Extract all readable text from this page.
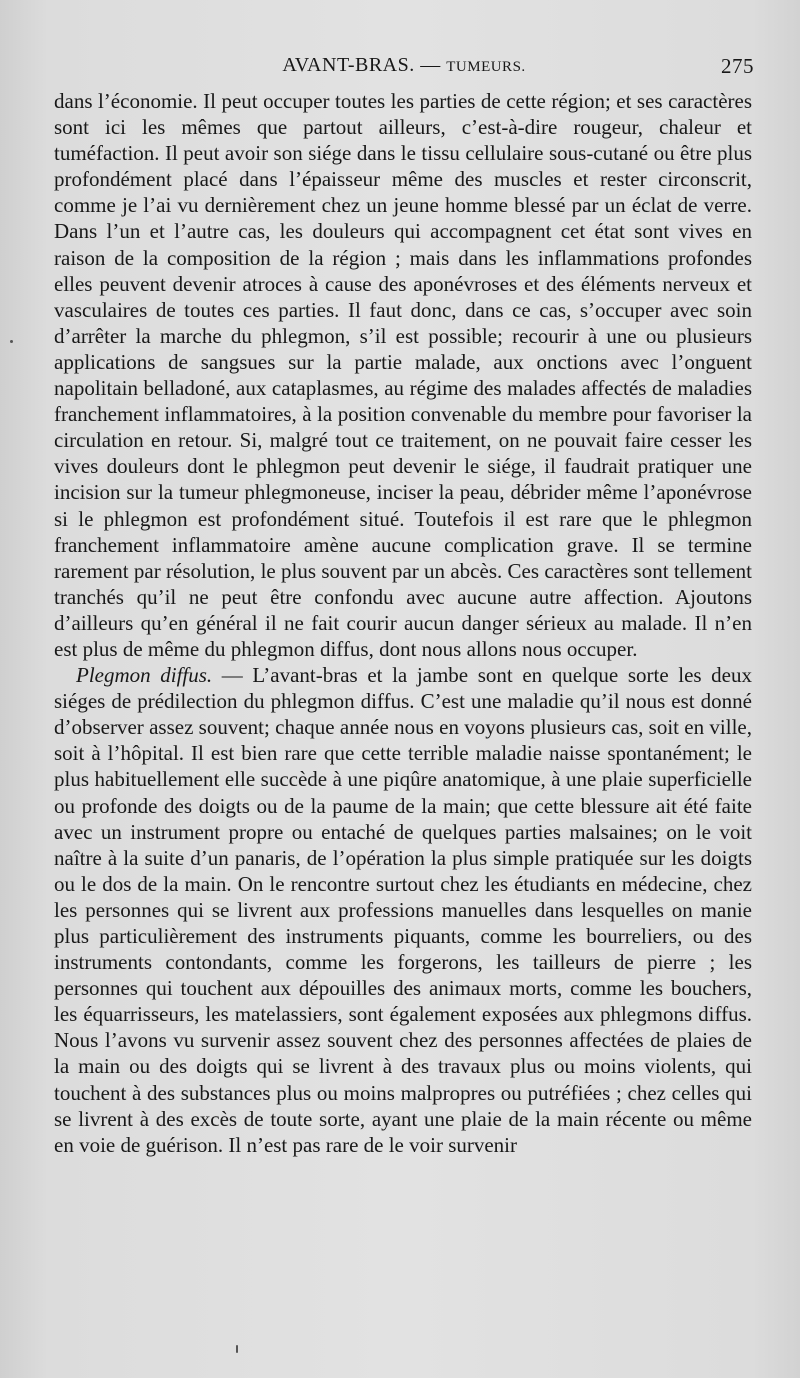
AVANT-BRAS. — TUMEURS.	275

dans l’économie. Il peut occuper toutes les parties de cette région; et ses caractères sont ici les mêmes que partout ailleurs, c’est-à-dire rougeur, chaleur et tuméfaction. Il peut avoir son siége dans le tissu cellulaire sous-cutané ou être plus profondément placé dans l’épaisseur même des muscles et rester circonscrit, comme je l’ai vu dernièrement chez un jeune homme blessé par un éclat de verre. Dans l’un et l’autre cas, les douleurs qui accompagnent cet état sont vives en raison de la composition de la région ; mais dans les inflammations profondes elles peuvent devenir atroces à cause des aponévroses et des éléments nerveux et vasculaires de toutes ces parties. Il faut donc, dans ce cas, s’occuper avec soin d’arrêter la marche du phlegmon, s’il est possible; recourir à une ou plusieurs applications de sangsues sur la partie malade, aux onctions avec l’onguent napolitain belladoné, aux cataplasmes, au régime des malades affectés de maladies franchement inflammatoires, à la position convenable du membre pour favoriser la circulation en retour. Si, malgré tout ce traitement, on ne pouvait faire cesser les vives douleurs dont le phlegmon peut devenir le siége, il faudrait pratiquer une incision sur la tumeur phlegmoneuse, inciser la peau, débrider même l’aponévrose si le phlegmon est profondément situé. Toutefois il est rare que le phlegmon franchement inflammatoire amène aucune complication grave. Il se termine rarement par résolution, le plus souvent par un abcès. Ces caractères sont tellement tranchés qu’il ne peut être confondu avec aucune autre affection. Ajoutons d’ailleurs qu’en général il ne fait courir aucun danger sérieux au malade. Il n’en est plus de même du phlegmon diffus, dont nous allons nous occuper.

Plegmon diffus. — L’avant-bras et la jambe sont en quelque sorte les deux siéges de prédilection du phlegmon diffus. C’est une maladie qu’il nous est donné d’observer assez souvent; chaque année nous en voyons plusieurs cas, soit en ville, soit à l’hôpital. Il est bien rare que cette terrible maladie naisse spontanément; le plus habituellement elle succède à une piqûre anatomique, à une plaie superficielle ou profonde des doigts ou de la paume de la main; que cette blessure ait été faite avec un instrument propre ou entaché de quelques parties malsaines; on le voit naître à la suite d’un panaris, de l’opération la plus simple pratiquée sur les doigts ou le dos de la main. On le rencontre surtout chez les étudiants en médecine, chez les personnes qui se livrent aux professions manuelles dans lesquelles on manie plus particulièrement des instruments piquants, comme les bourreliers, ou des instruments contondants, comme les forgerons, les tailleurs de pierre ; les personnes qui touchent aux dépouilles des animaux morts, comme les bouchers, les équarrisseurs, les matelassiers, sont également exposées aux phlegmons diffus. Nous l’avons vu survenir assez souvent chez des personnes affectées de plaies de la main ou des doigts qui se livrent à des travaux plus ou moins violents, qui touchent à des substances plus ou moins malpropres ou putréfiées ; chez celles qui se livrent à des excès de toute sorte, ayant une plaie de la main récente ou même en voie de guérison. Il n’est pas rare de le voir survenir
